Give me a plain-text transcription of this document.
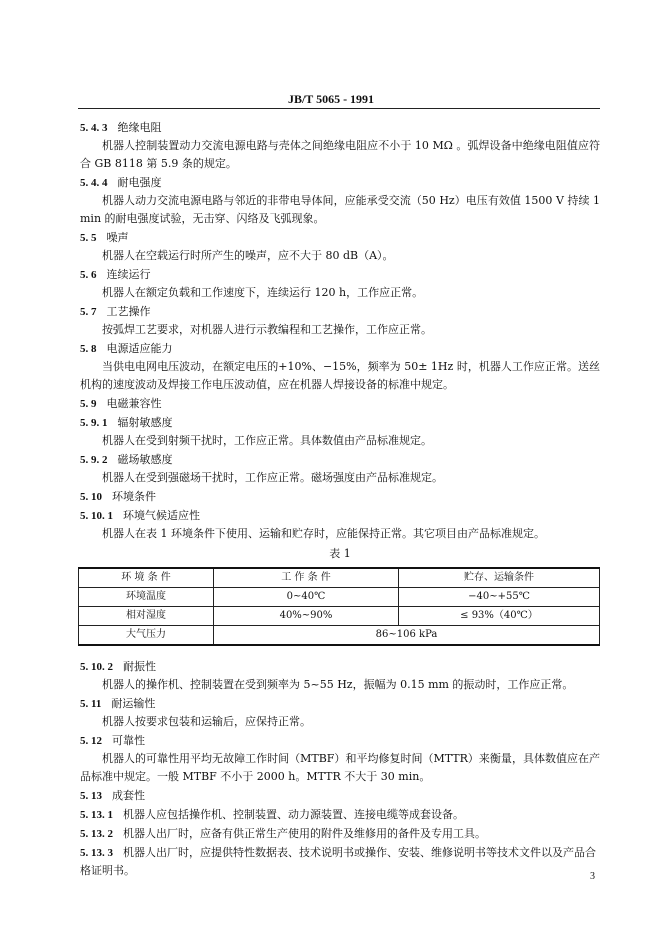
JB/T 5065 - 1991
5. 4. 3 绝缘电阻
机器人控制装置动力交流电源电路与壳体之间绝缘电阻应不小于 10 MΩ 。弧焊设备中绝缘电阻值应符合 GB 8118 第 5.9 条的规定。
5. 4. 4 耐电强度
机器人动力交流电源电路与邻近的非带电导体间，应能承受交流（50 Hz）电压有效值 1500 V 持续 1 min 的耐电强度试验，无击穿、闪络及飞弧现象。
5. 5 噪声
机器人在空载运行时所产生的噪声，应不大于 80 dB（A）。
5. 6 连续运行
机器人在额定负载和工作速度下，连续运行 120 h，工作应正常。
5. 7 工艺操作
按弧焊工艺要求，对机器人进行示教编程和工艺操作，工作应正常。
5. 8 电源适应能力
当供电电网电压波动，在额定电压的+10%、−15%，频率为 50± 1Hz 时，机器人工作应正常。送丝机构的速度波动及焊接工作电压波动值，应在机器人焊接设备的标准中规定。
5. 9 电磁兼容性
5. 9. 1 辐射敏感度
机器人在受到射频干扰时，工作应正常。具体数值由产品标准规定。
5. 9. 2 磁场敏感度
机器人在受到强磁场干扰时，工作应正常。磁场强度由产品标准规定。
5. 10 环境条件
5. 10. 1 环境气候适应性
机器人在表 1 环境条件下使用、运输和贮存时，应能保持正常。其它项目由产品标准规定。
表 1
环 境 条 件	工 作 条 件	贮存、运输条件
环境温度	0~40℃	−40~+55℃
相对湿度	40%~90%	≤ 93%（40℃）
大气压力	86~106 kPa	
5. 10. 2 耐振性
机器人的操作机、控制装置在受到频率为 5~55 Hz，振幅为 0.15 mm 的振动时，工作应正常。
5. 11 耐运输性
机器人按要求包装和运输后，应保持正常。
5. 12 可靠性
机器人的可靠性用平均无故障工作时间（MTBF）和平均修复时间（MTTR）来衡量，具体数值应在产品标准中规定。一般 MTBF 不小于 2000 h。MTTR 不大于 30 min。
5. 13 成套性
5. 13. 1 机器人应包括操作机、控制装置、动力源装置、连接电缆等成套设备。
5. 13. 2 机器人出厂时，应备有供正常生产使用的附件及维修用的备件及专用工具。
5. 13. 3 机器人出厂时，应提供特性数据表、技术说明书或操作、安装、维修说明书等技术文件以及产品合格证明书。	3
